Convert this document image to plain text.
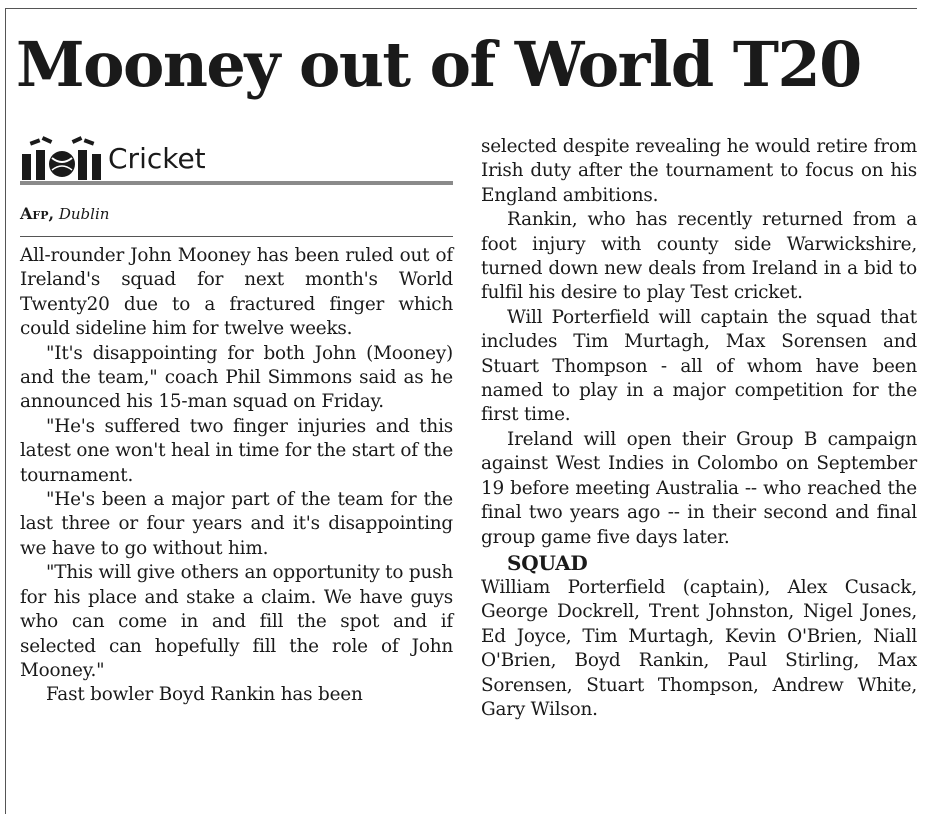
Mooney out of World T20
Cricket
Afp, Dublin

All-rounder John Mooney has been ruled out of Ireland's squad for next month's World Twenty20 due to a fractured finger which could sideline him for twelve weeks.

"It's disappointing for both John (Mooney) and the team," coach Phil Simmons said as he announced his 15-man squad on Friday.

"He's suffered two finger injuries and this latest one won't heal in time for the start of the tournament.

"He's been a major part of the team for the last three or four years and it's disappointing we have to go without him.

"This will give others an opportunity to push for his place and stake a claim. We have guys who can come in and fill the spot and if selected can hopefully fill the role of John Mooney."

Fast bowler Boyd Rankin has been

selected despite revealing he would retire from Irish duty after the tournament to focus on his England ambitions.

Rankin, who has recently returned from a foot injury with county side Warwickshire, turned down new deals from Ireland in a bid to fulfil his desire to play Test cricket.

Will Porterfield will captain the squad that includes Tim Murtagh, Max Sorensen and Stuart Thompson - all of whom have been named to play in a major competition for the first time.

Ireland will open their Group B campaign against West Indies in Colombo on September 19 before meeting Australia -- who reached the final two years ago -- in their second and final group game five days later.

SQUAD

William Porterfield (captain), Alex Cusack, George Dockrell, Trent Johnston, Nigel Jones, Ed Joyce, Tim Murtagh, Kevin O'Brien, Niall O'Brien, Boyd Rankin, Paul Stirling, Max Sorensen, Stuart Thompson, Andrew White, Gary Wilson.
